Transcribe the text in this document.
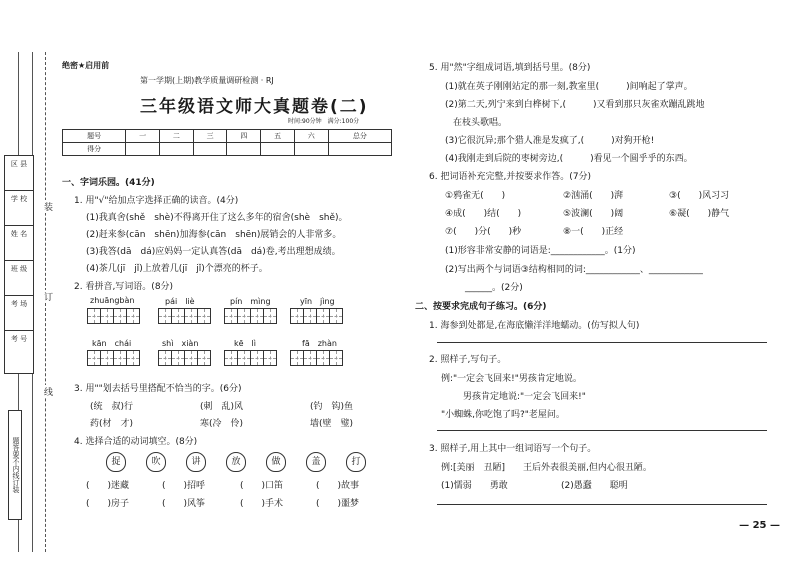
区 县
学 校
姓 名
班 级
考 场
考 号
装
订
线
题答要不内线订装
绝密★启用前
第一学期(上期)教学质量调研检测 · RJ
三年级语文师大真题卷(二)
时间:90分钟　满分:100分
题号	一	二	三	四	五	六	总分
得分							
一、字词乐园。(41分)
1. 用"√"给加点字选择正确的读音。(4分)
(1)我真舍(shě　shè)不得离开住了这么多年的宿舍(shè　shě)。
(2)赶来参(cān　shēn)加海参(cān　shēn)展销会的人非常多。
(3)我答(dā　dá)应妈妈一定认真答(dā　dá)卷,考出理想成绩。
(4)茶几(jī　jǐ)上放着几(jī　jǐ)个漂亮的杯子。
2. 看拼音,写词语。(8分)
zhuāngbàn	pái　liè	pín　mìng	yīn　jìng
kān　chái	shì　xiàn	kē　lì	fā　zhàn
3. 用""划去括号里搭配不恰当的字。(6分)
(统　叔)行	(刺　乱)风	(钓　钩)鱼
药(材　才)	寒(冷　伶)	墙(壁　璧)
4. 选择合适的动词填空。(8分)
捉	吹	讲	放	做	盖	打
(　　)迷藏	(　　)招呼	(　　)口笛	(　　)故事
(　　)房子	(　　)风筝	(　　)手术	(　　)噩梦
5. 用"然"字组成词语,填到括号里。(8分)
(1)就在英子刚刚站定的那一刻,教室里(　　　)间响起了掌声。
(2)第二天,列宁来到白桦树下,(　　　)又看到那只灰雀欢蹦乱跳地
在枝头歌唱。
(3)它很沉异;那个猎人准是发疯了,(　　　)对狗开枪!
(4)我刚走到后院的枣树旁边,(　　　)看见一个圆乎乎的东西。
6. 把词语补充完整,并按要求作答。(7分)
①鸦雀无(　　)	②汹涌(　　)湃	③(　　)风习习
④成(　　)结(　　)	⑤波澜(　　)阔	⑥凝(　　)静气
⑦(　　)分(　　)秒	⑧一(　　)正经
(1)形容非常安静的词语是:____________。(1分)
(2)写出两个与词语③结构相同的词:____________、____________
______。(2分)
二、按要求完成句子练习。(6分)
1. 海参到处都是,在海底懒洋洋地蠕动。(仿写拟人句)
2. 照样子,写句子。
例:"一定会飞回来!"男孩肯定地说。
男孩肯定地说:"一定会飞回来!"
"小蜘蛛,你吃饱了吗?"老屋问。
3. 照样子,用上其中一组词语写一个句子。
例:[美丽　丑陋]　　王后外表很美丽,但内心很丑陋。
(1)懦弱　　勇敢	(2)愚蠢　　聪明
— 25 —
